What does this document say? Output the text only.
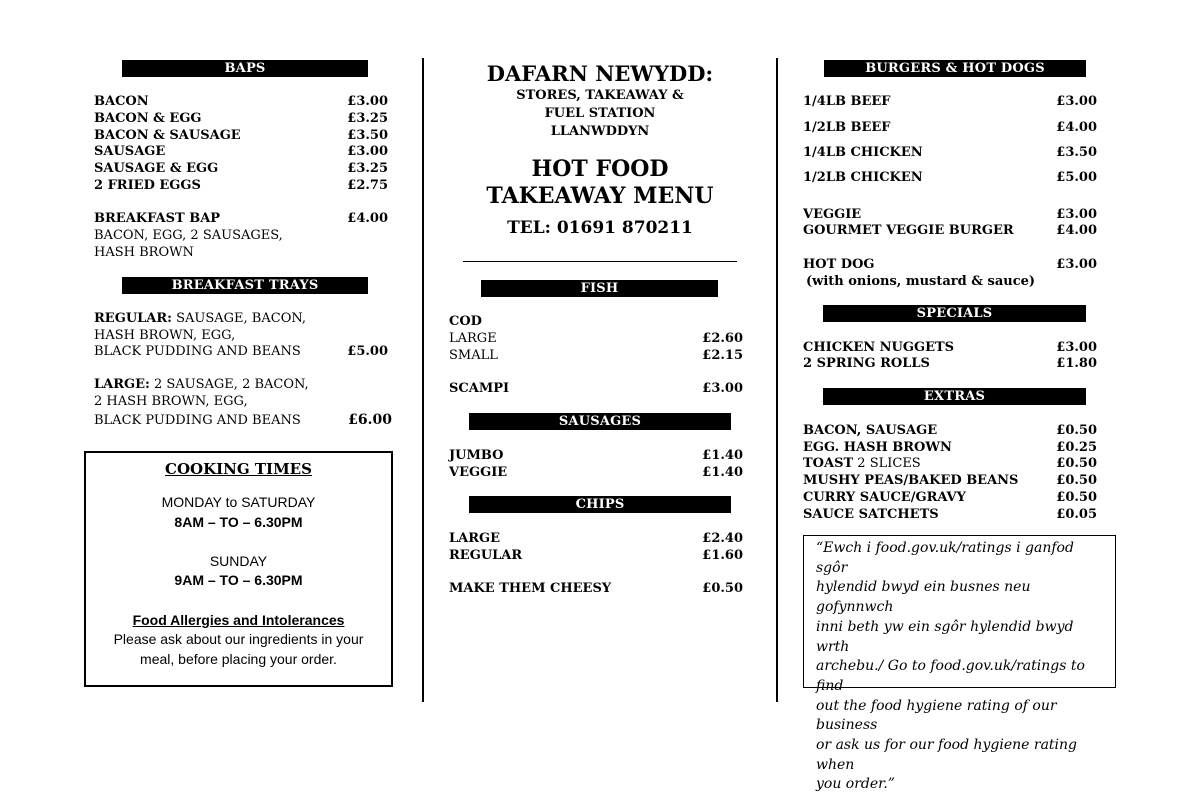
BAPS
BACON	£3.00
BACON & EGG	£3.25
BACON & SAUSAGE	£3.50
SAUSAGE	£3.00
SAUSAGE & EGG	£3.25
2 FRIED EGGS	£2.75
BREAKFAST BAP	£4.00
BACON, EGG, 2 SAUSAGES,
HASH BROWN
BREAKFAST TRAYS
REGULAR: SAUSAGE, BACON,
HASH BROWN, EGG,
BLACK PUDDING AND BEANS	£5.00
LARGE: 2 SAUSAGE, 2 BACON,
2 HASH BROWN, EGG,
BLACK PUDDING AND BEANS	£6.00
COOKING TIMES
MONDAY to SATURDAY
8AM – TO – 6.30PM
SUNDAY
9AM – TO – 6.30PM
Food Allergies and Intolerances
Please ask about our ingredients in your
meal, before placing your order.
DAFARN NEWYDD:
STORES, TAKEAWAY &
FUEL STATION
LLANWDDYN
HOT FOOD
TAKEAWAY MENU
TEL: 01691 870211
FISH
COD
LARGE	£2.60
SMALL	£2.15
SCAMPI	£3.00
SAUSAGES
JUMBO	£1.40
VEGGIE	£1.40
CHIPS
LARGE	£2.40
REGULAR	£1.60
MAKE THEM CHEESY	£0.50
BURGERS & HOT DOGS
1/4LB BEEF	£3.00
1/2LB BEEF	£4.00
1/4LB CHICKEN	£3.50
1/2LB CHICKEN	£5.00
VEGGIE	£3.00
GOURMET VEGGIE BURGER	£4.00
HOT DOG	£3.00
(with onions, mustard & sauce)
SPECIALS
CHICKEN NUGGETS	£3.00
2 SPRING ROLLS	£1.80
EXTRAS
BACON, SAUSAGE	£0.50
EGG. HASH BROWN	£0.25
TOAST 2 SLICES	£0.50
MUSHY PEAS/BAKED BEANS	£0.50
CURRY SAUCE/GRAVY	£0.50
SAUCE SATCHETS	£0.05
“Ewch i food.gov.uk/ratings i ganfod sgôr
hylendid bwyd ein busnes neu gofynnwch
inni beth yw ein sgôr hylendid bwyd wrth
archebu./ Go to food.gov.uk/ratings to find
out the food hygiene rating of our business
or ask us for our food hygiene rating when
you order.”
